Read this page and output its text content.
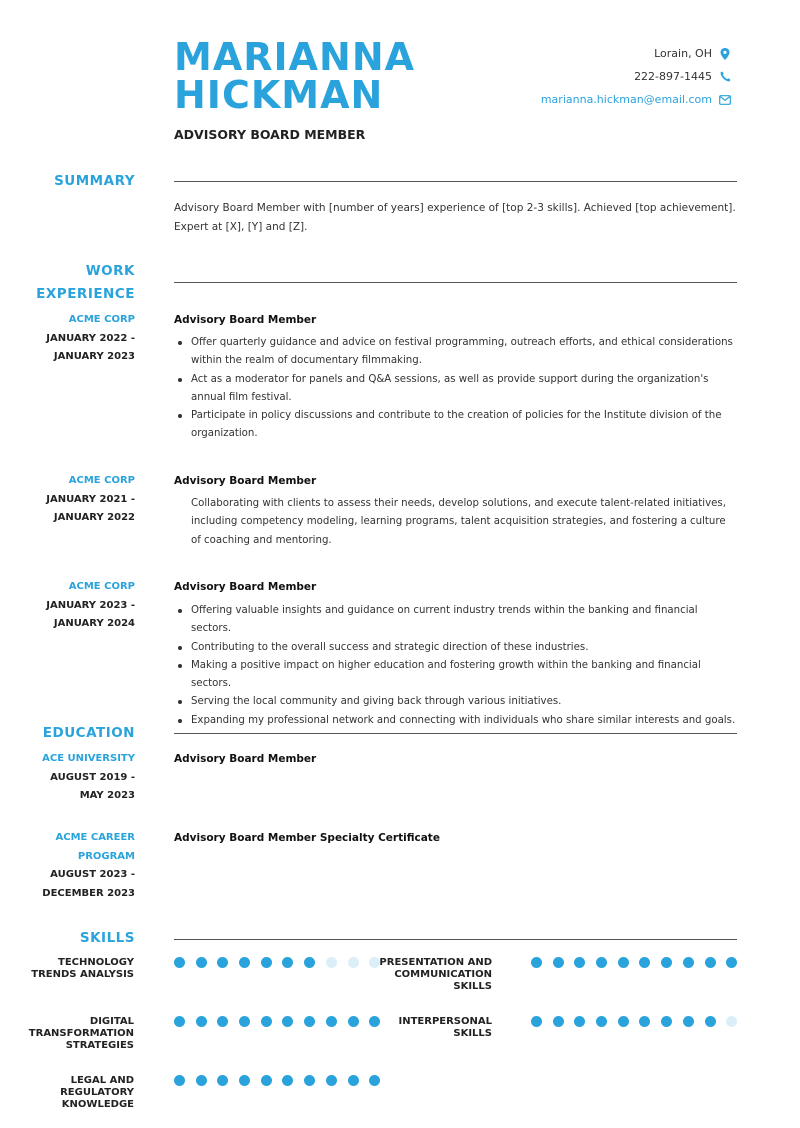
MARIANNA
HICKMAN
ADVISORY BOARD MEMBER
Lorain, OH
222-897-1445
marianna.hickman@email.com
SUMMARY
Advisory Board Member with [number of years] experience of [top 2-3 skills]. Achieved [top achievement]. Expert at [X], [Y] and [Z].
WORK
EXPERIENCE
ACME CORP
JANUARY 2022 -
JANUARY 2023
Advisory Board Member
Offer quarterly guidance and advice on festival programming, outreach efforts, and ethical considerations within the realm of documentary filmmaking.
Act as a moderator for panels and Q&A sessions, as well as provide support during the organization's annual film festival.
Participate in policy discussions and contribute to the creation of policies for the Institute division of the organization.
ACME CORP
JANUARY 2021 -
JANUARY 2022
Advisory Board Member
Collaborating with clients to assess their needs, develop solutions, and execute talent-related initiatives, including competency modeling, learning programs, talent acquisition strategies, and fostering a culture of coaching and mentoring.
ACME CORP
JANUARY 2023 -
JANUARY 2024
Advisory Board Member
Offering valuable insights and guidance on current industry trends within the banking and financial sectors.
Contributing to the overall success and strategic direction of these industries.
Making a positive impact on higher education and fostering growth within the banking and financial sectors.
Serving the local community and giving back through various initiatives.
Expanding my professional network and connecting with individuals who share similar interests and goals.
EDUCATION
ACE UNIVERSITY
AUGUST 2019 -
MAY 2023
Advisory Board Member
ACME CAREER
PROGRAM
AUGUST 2023 -
DECEMBER 2023
Advisory Board Member Specialty Certificate
SKILLS
TECHNOLOGY
TRENDS ANALYSIS
DIGITAL
TRANSFORMATION
STRATEGIES
LEGAL AND
REGULATORY
KNOWLEDGE
PRESENTATION AND
COMMUNICATION
SKILLS
INTERPERSONAL
SKILLS
